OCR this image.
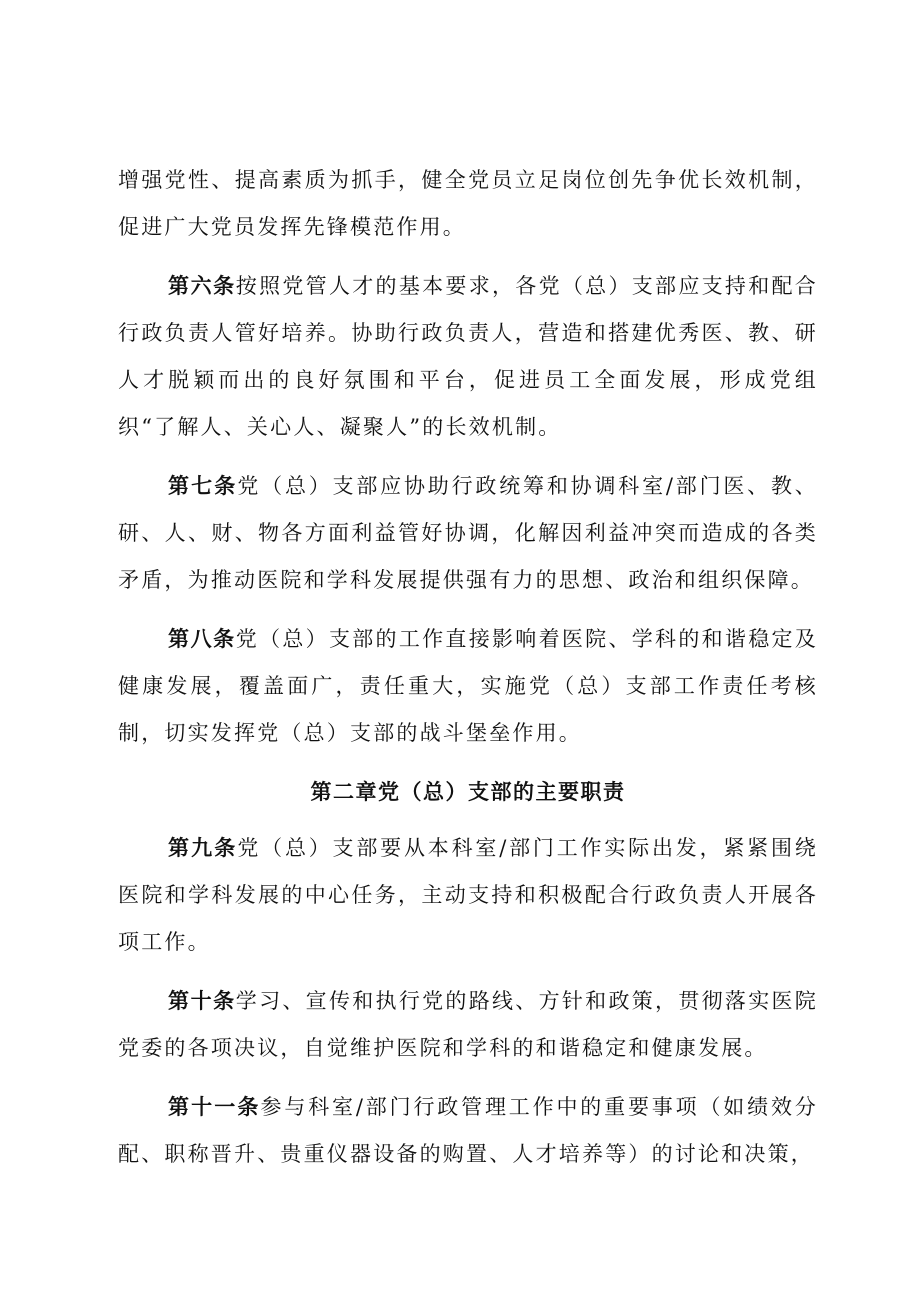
增强党性、提高素质为抓手，健全党员立足岗位创先争优长效机制，促进广大党员发挥先锋模范作用。

第六条按照党管人才的基本要求，各党（总）支部应支持和配合行政负责人管好培养。协助行政负责人，营造和搭建优秀医、教、研人才脱颖而出的良好氛围和平台，促进员工全面发展，形成党组织“了解人、关心人、凝聚人”的长效机制。

第七条党（总）支部应协助行政统筹和协调科室/部门医、教、研、人、财、物各方面利益管好协调，化解因利益冲突而造成的各类矛盾，为推动医院和学科发展提供强有力的思想、政治和组织保障。

第八条党（总）支部的工作直接影响着医院、学科的和谐稳定及健康发展，覆盖面广，责任重大，实施党（总）支部工作责任考核制，切实发挥党（总）支部的战斗堡垒作用。

第二章党（总）支部的主要职责

第九条党（总）支部要从本科室/部门工作实际出发，紧紧围绕医院和学科发展的中心任务，主动支持和积极配合行政负责人开展各项工作。

第十条学习、宣传和执行党的路线、方针和政策，贯彻落实医院党委的各项决议，自觉维护医院和学科的和谐稳定和健康发展。

第十一条参与科室/部门行政管理工作中的重要事项（如绩效分配、职称晋升、贵重仪器设备的购置、人才培养等）的讨论和决策，
